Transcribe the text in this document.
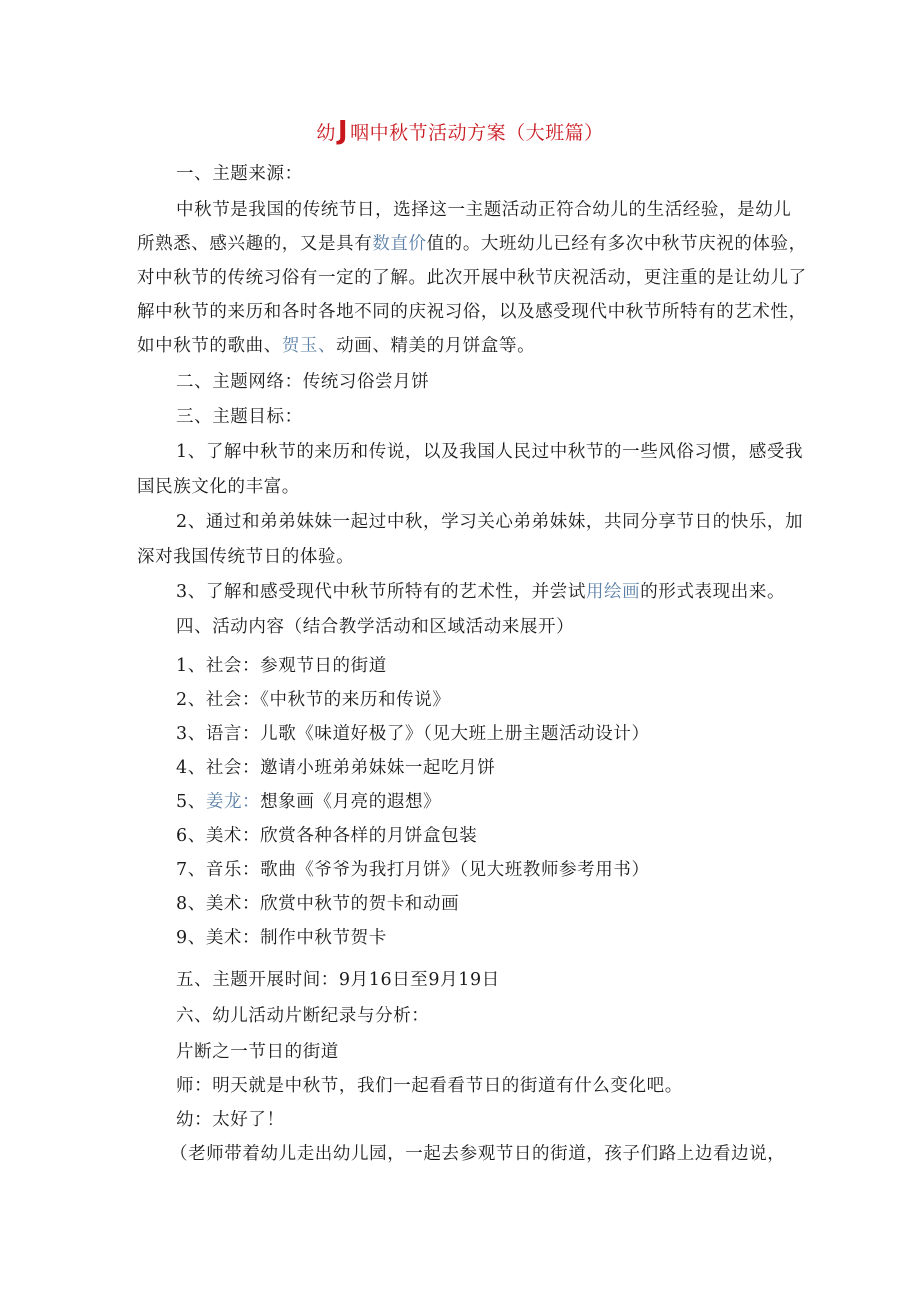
幼J 咽中秋节活动方案（大班篇）
一、主题来源：
中秋节是我国的传统节日，选择这一主题活动正符合幼儿的生活经验，是幼儿
所熟悉、感兴趣的，又是具有数直价值的。大班幼儿已经有多次中秋节庆祝的体验，
对中秋节的传统习俗有一定的了解。此次开展中秋节庆祝活动，更注重的是让幼儿了
解中秋节的来历和各时各地不同的庆祝习俗，以及感受现代中秋节所特有的艺术性，
如中秋节的歌曲、贺玉、动画、精美的月饼盒等。
二、主题网络：传统习俗尝月饼
三、主题目标：
1、了解中秋节的来历和传说，以及我国人民过中秋节的一些风俗习惯，感受我
国民族文化的丰富。
2、通过和弟弟妹妹一起过中秋，学习关心弟弟妹妹，共同分享节日的快乐，加
深对我国传统节日的体验。
3、了解和感受现代中秋节所特有的艺术性，并尝试用绘画的形式表现出来。
四、活动内容（结合教学活动和区域活动来展开）
1、社会：参观节日的街道
2、社会：《中秋节的来历和传说》
3、语言：儿歌《味道好极了》（见大班上册主题活动设计）
4、社会：邀请小班弟弟妹妹一起吃月饼
5、姜龙：想象画《月亮的遐想》
6、美术：欣赏各种各样的月饼盒包装
7、音乐：歌曲《爷爷为我打月饼》（见大班教师参考用书）
8、美术：欣赏中秋节的贺卡和动画
9、美术：制作中秋节贺卡
五、主题开展时间：9月16日至9月19日
六、幼儿活动片断纪录与分析：
片断之一节日的街道
师：明天就是中秋节，我们一起看看节日的街道有什么变化吧。
幼：太好了！
（老师带着幼儿走出幼儿园，一起去参观节日的街道，孩子们路上边看边说，
